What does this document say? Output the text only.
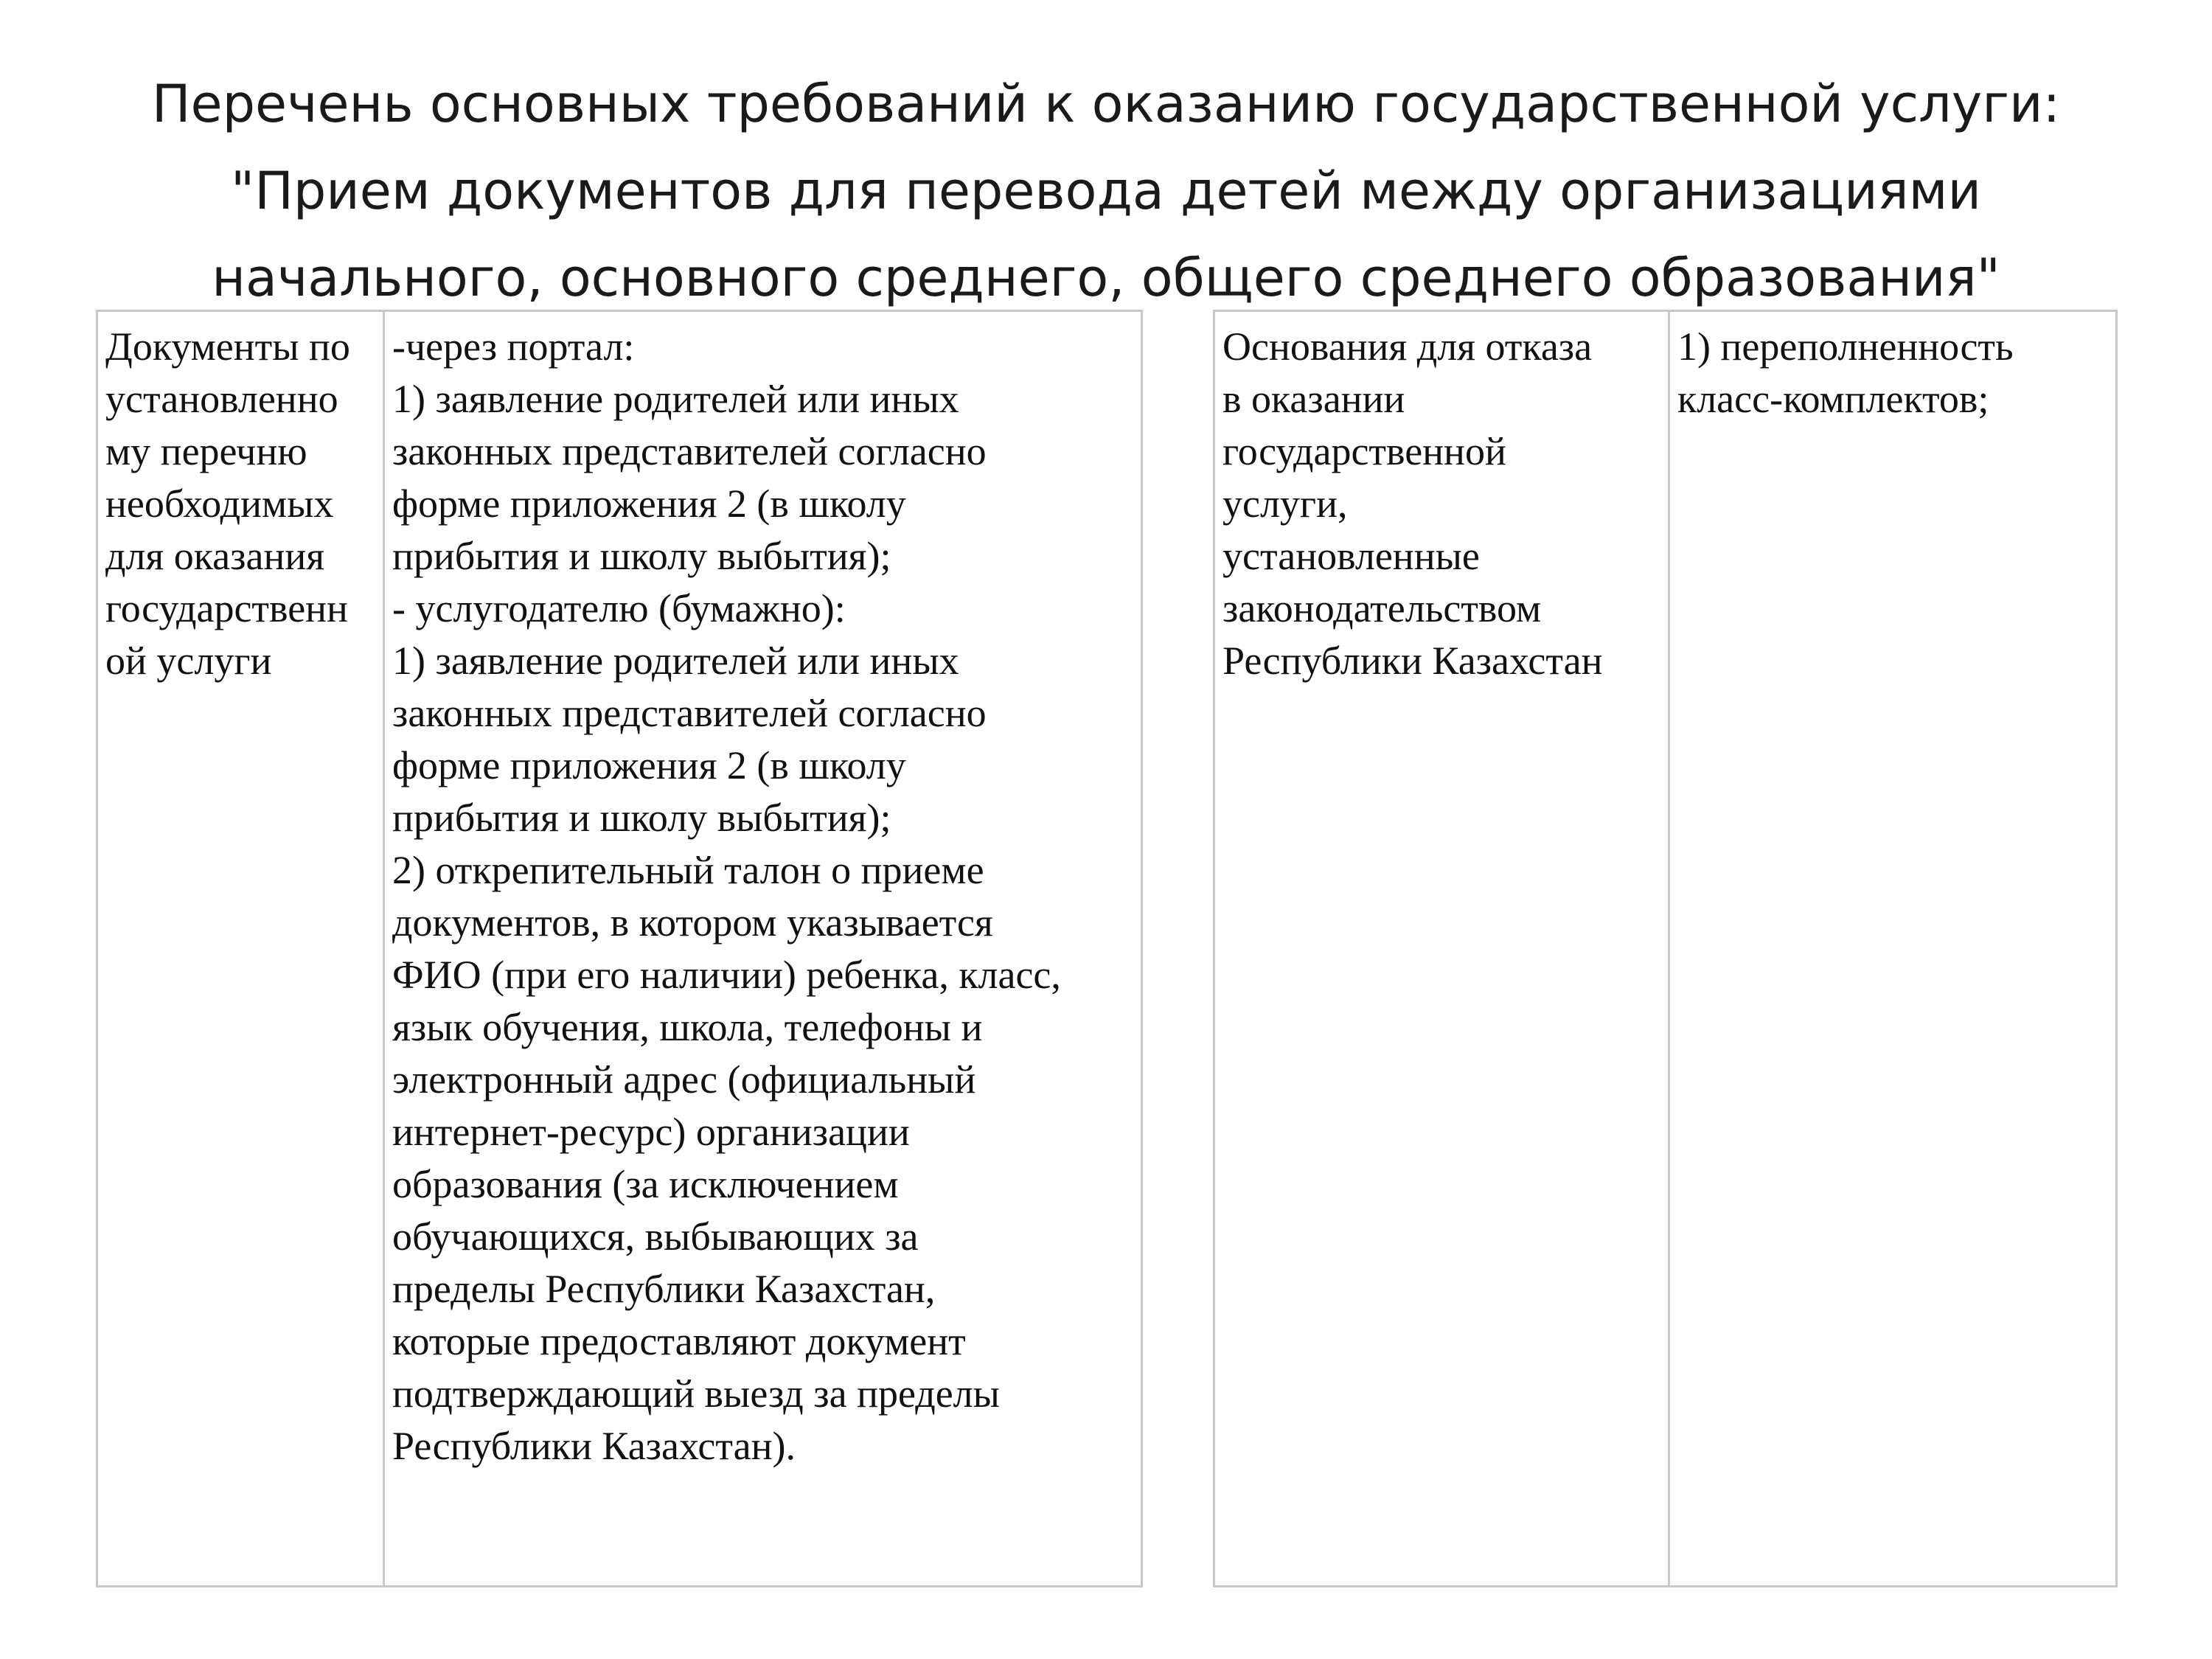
Перечень основных требований к оказанию государственной услуги:
"Прием документов для перевода детей между организациями
начального, основного среднего, общего среднего образования"
Документы по
установленно
му перечню
необходимых
для оказания
государственн
ой услуги
-через портал:
1) заявление родителей или иных
законных представителей согласно
форме приложения 2 (в школу
прибытия и школу выбытия);
- услугодателю (бумажно):
1) заявление родителей или иных
законных представителей согласно
форме приложения 2 (в школу
прибытия и школу выбытия);
2) открепительный талон о приеме
документов, в котором указывается
ФИО (при его наличии) ребенка, класс,
язык обучения, школа, телефоны и
электронный адрес (официальный
интернет-ресурс) организации
образования (за исключением
обучающихся, выбывающих за
пределы Республики Казахстан,
которые предоставляют документ
подтверждающий выезд за пределы
Республики Казахстан).
Основания для отказа
в оказании
государственной
услуги,
установленные
законодательством
Республики Казахстан
1) переполненность
класс-комплектов;
